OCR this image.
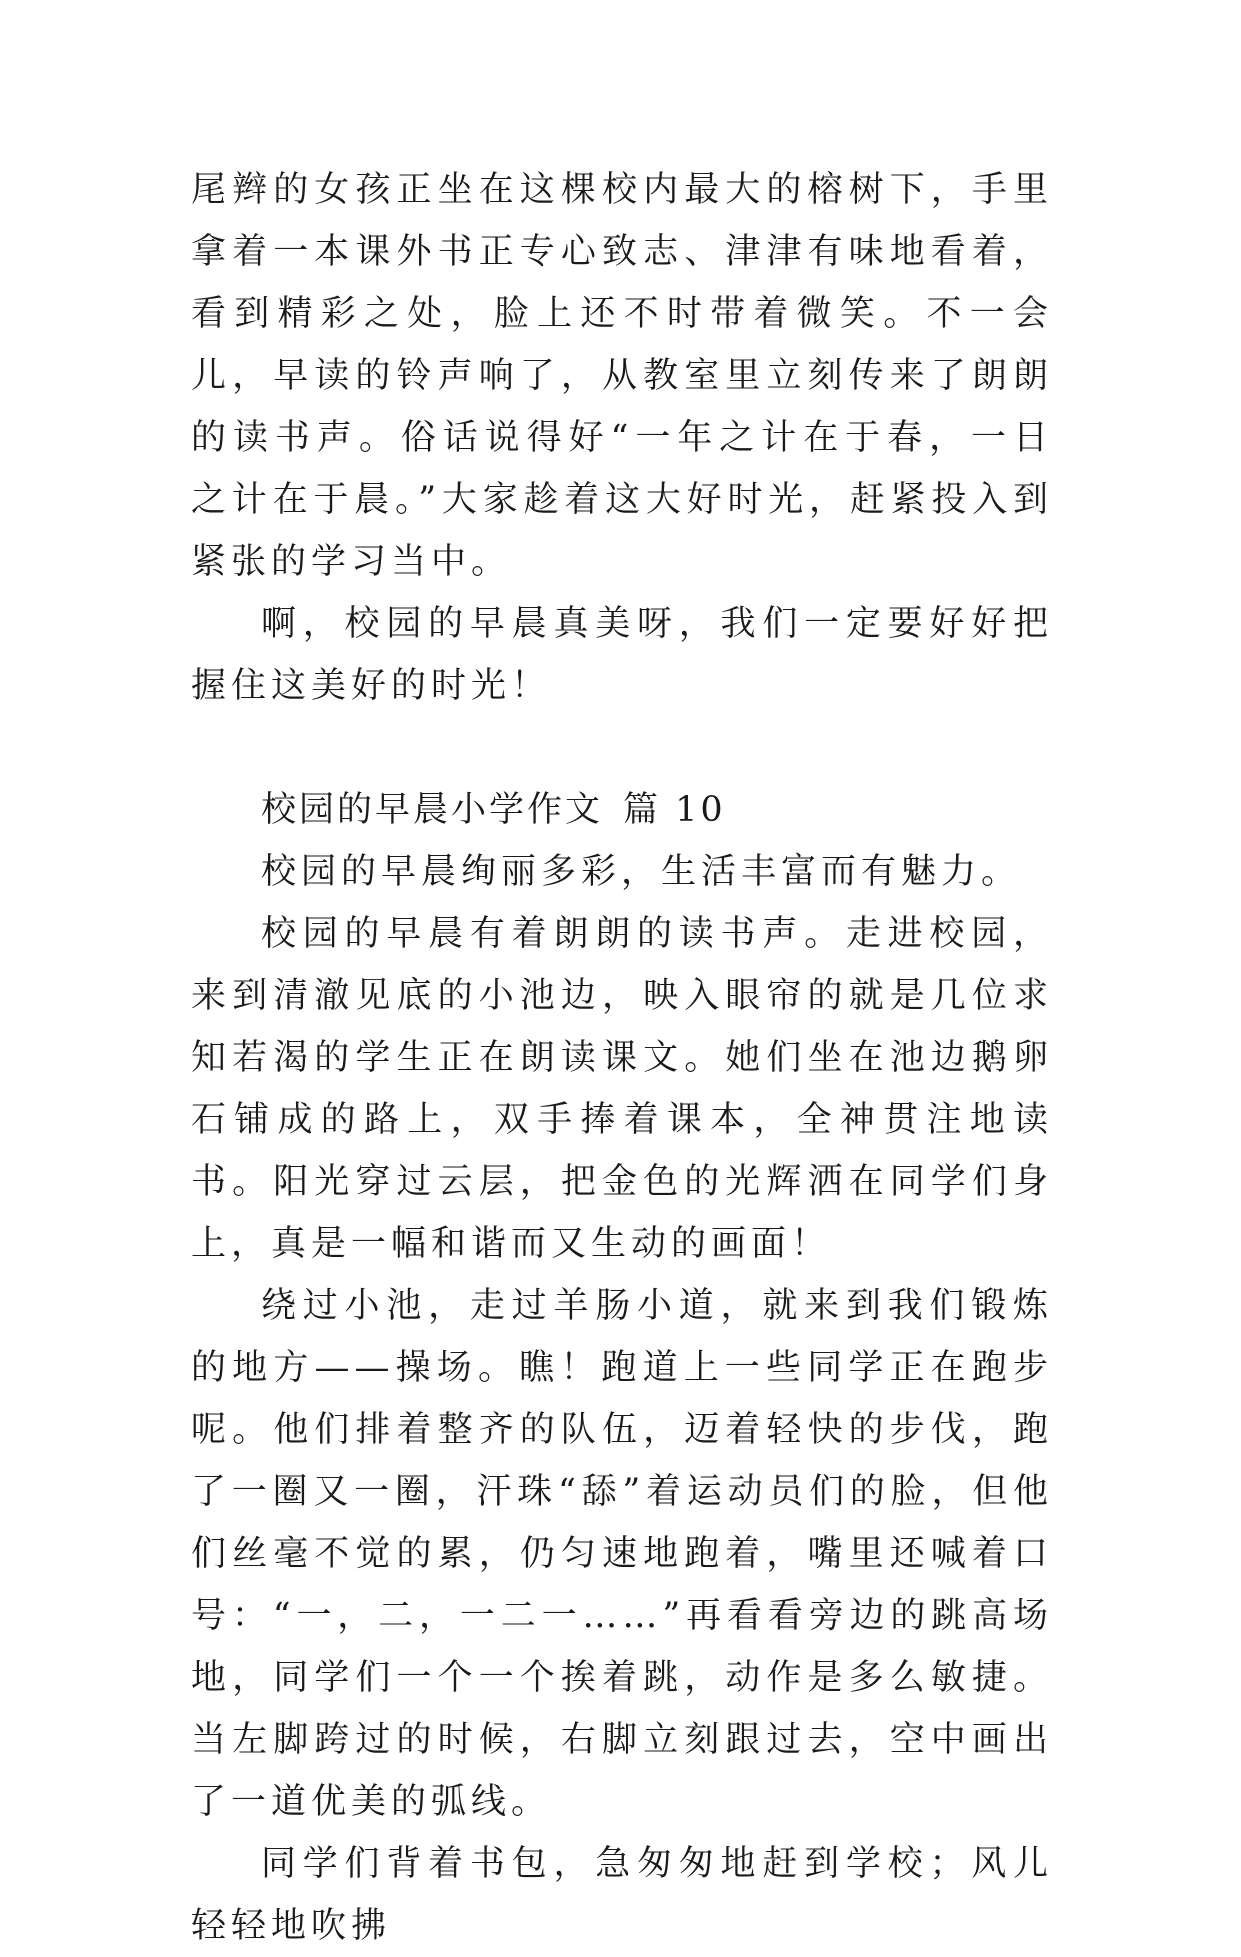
尾辫的女孩正坐在这棵校内最大的榕树下，手里拿着一本课外书正专心致志、津津有味地看着，看到精彩之处，脸上还不时带着微笑。不一会儿，早读的铃声响了，从教室里立刻传来了朗朗的读书声。俗话说得好“一年之计在于春，一日之计在于晨。”大家趁着这大好时光，赶紧投入到紧张的学习当中。

啊，校园的早晨真美呀，我们一定要好好把握住这美好的时光！

校园的早晨小学作文 篇 10

校园的早晨绚丽多彩，生活丰富而有魅力。

校园的早晨有着朗朗的读书声。走进校园，来到清澈见底的小池边，映入眼帘的就是几位求知若渴的学生正在朗读课文。她们坐在池边鹅卵石铺成的路上，双手捧着课本，全神贯注地读书。阳光穿过云层，把金色的光辉洒在同学们身上，真是一幅和谐而又生动的画面！

绕过小池，走过羊肠小道，就来到我们锻炼的地方——操场。瞧！跑道上一些同学正在跑步呢。他们排着整齐的队伍，迈着轻快的步伐，跑了一圈又一圈，汗珠“舔”着运动员们的脸，但他们丝毫不觉的累，仍匀速地跑着，嘴里还喊着口号：“一，二，一二一……”再看看旁边的跳高场地，同学们一个一个挨着跳，动作是多么敏捷。当左脚跨过的时候，右脚立刻跟过去，空中画出了一道优美的弧线。

同学们背着书包，急匆匆地赶到学校；风儿轻轻地吹拂
